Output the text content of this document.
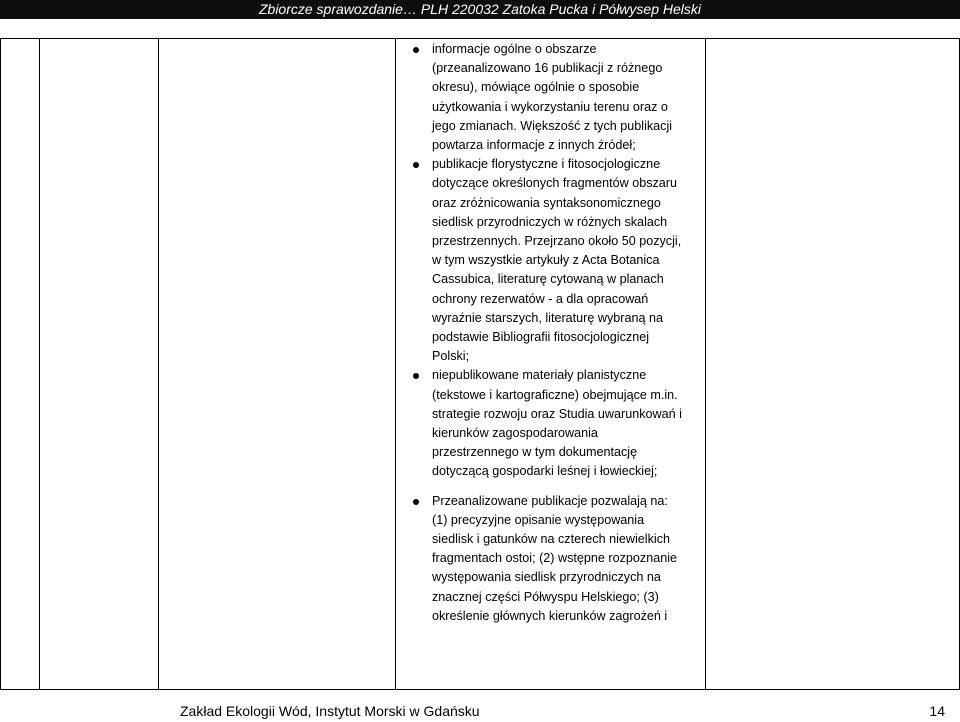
Zbiorcze sprawozdanie… PLH 220032 Zatoka Pucka i Półwysep Helski
informacje ogólne o obszarze (przeanalizowano 16 publikacji z różnego okresu), mówiące ogólnie o sposobie użytkowania i wykorzystaniu terenu oraz o jego zmianach. Większość z tych publikacji powtarza informacje z innych źródeł;
publikacje florystyczne i fitosocjologiczne dotyczące określonych fragmentów obszaru oraz zróżnicowania syntaksonomicznego siedlisk przyrodniczych w różnych skalach przestrzennych. Przejrzano około 50 pozycji, w tym wszystkie artykuły z Acta Botanica Cassubica, literaturę cytowaną w planach ochrony rezerwatów - a dla opracowań wyraźnie starszych, literaturę wybraną na podstawie Bibliografii fitosocjologicznej Polski;
niepublikowane materiały planistyczne (tekstowe i kartograficzne) obejmujące m.in. strategie rozwoju oraz Studia uwarunkowań i kierunków zagospodarowania przestrzennego w tym dokumentację dotyczącą gospodarki leśnej i łowieckiej;
Przeanalizowane publikacje pozwalają na: (1) precyzyjne opisanie występowania siedlisk i gatunków na czterech niewielkich fragmentach ostoi; (2) wstępne rozpoznanie występowania siedlisk przyrodniczych na znacznej części Półwyspu Helskiego; (3) określenie głównych kierunków zagrożeń i
Zakład Ekologii Wód, Instytut Morski w Gdańsku	14
